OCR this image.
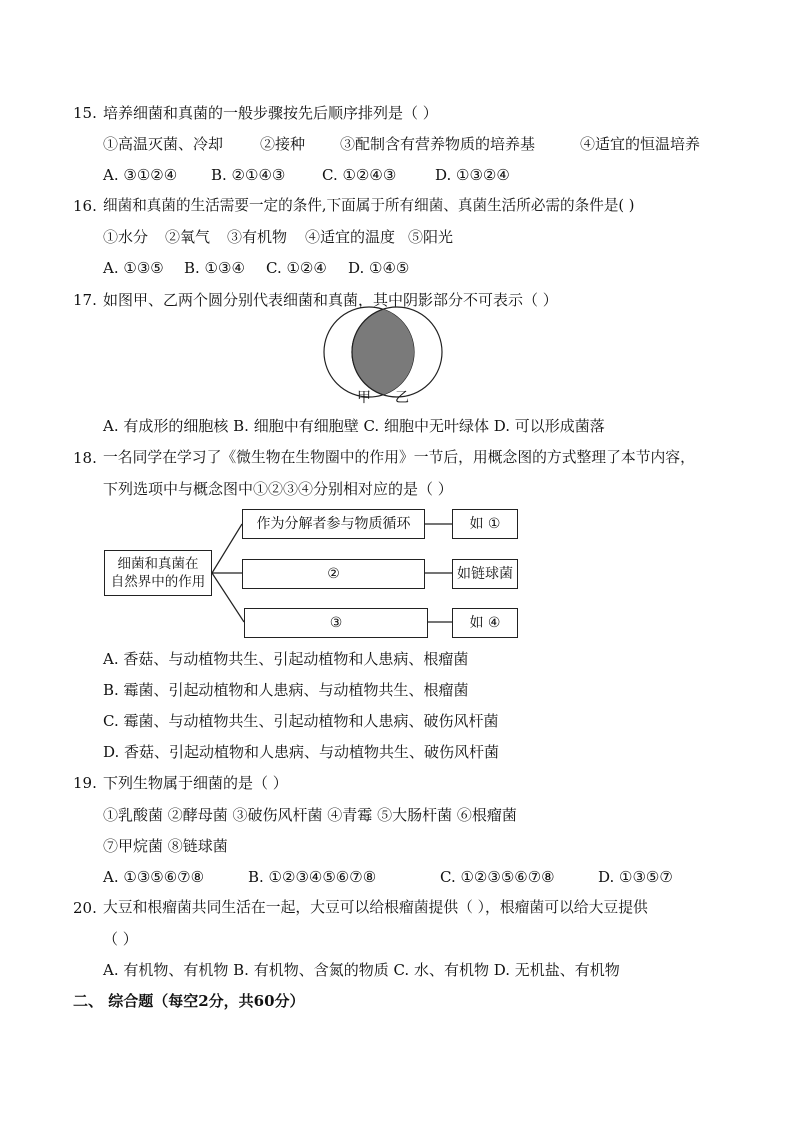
15. 培养细菌和真菌的一般步骤按先后顺序排列是（ ）
①高温灭菌、冷却 ②接种 ③配制含有营养物质的培养基	④适宜的恒温培养
A. ③①②④ B. ②①④③ C. ①②④③	D. ①③②④
16. 细菌和真菌的生活需要一定的条件,下面属于所有细菌、真菌生活所必需的条件是( )
①水分 ②氧气 ③有机物 ④适宜的温度 ⑤阳光
A. ①③⑤ B. ①③④ C. ①②④ D. ①④⑤
17. 如图甲、乙两个圆分别代表细菌和真菌，其中阴影部分不可表示（ ）
甲 乙
A. 有成形的细胞核 B. 细胞中有细胞壁 C. 细胞中无叶绿体 D. 可以形成菌落
18. 一名同学在学习了《微生物在生物圈中的作用》一节后，用概念图的方式整理了本节内容，
下列选项中与概念图中①②③④分别相对应的是（ ）
细菌和真菌在
自然界中的作用
作为分解者参与物质循环
②
③
如 ①
如链球菌
如 ④
A. 香菇、与动植物共生、引起动植物和人患病、根瘤菌
B. 霉菌、引起动植物和人患病、与动植物共生、根瘤菌
C. 霉菌、与动植物共生、引起动植物和人患病、破伤风杆菌
D. 香菇、引起动植物和人患病、与动植物共生、破伤风杆菌
19. 下列生物属于细菌的是（ ）
①乳酸菌 ②酵母菌 ③破伤风杆菌 ④青霉 ⑤大肠杆菌 ⑥根瘤菌
⑦甲烷菌 ⑧链球菌
A. ①③⑤⑥⑦⑧	B. ①②③④⑤⑥⑦⑧	C. ①②③⑤⑥⑦⑧	D. ①③⑤⑦
20. 大豆和根瘤菌共同生活在一起，大豆可以给根瘤菌提供（ ），根瘤菌可以给大豆提供
（ ）
A. 有机物、有机物 B. 有机物、含氮的物质 C. 水、有机物 D. 无机盐、有机物
二、 综合题（每空2分，共60分）
